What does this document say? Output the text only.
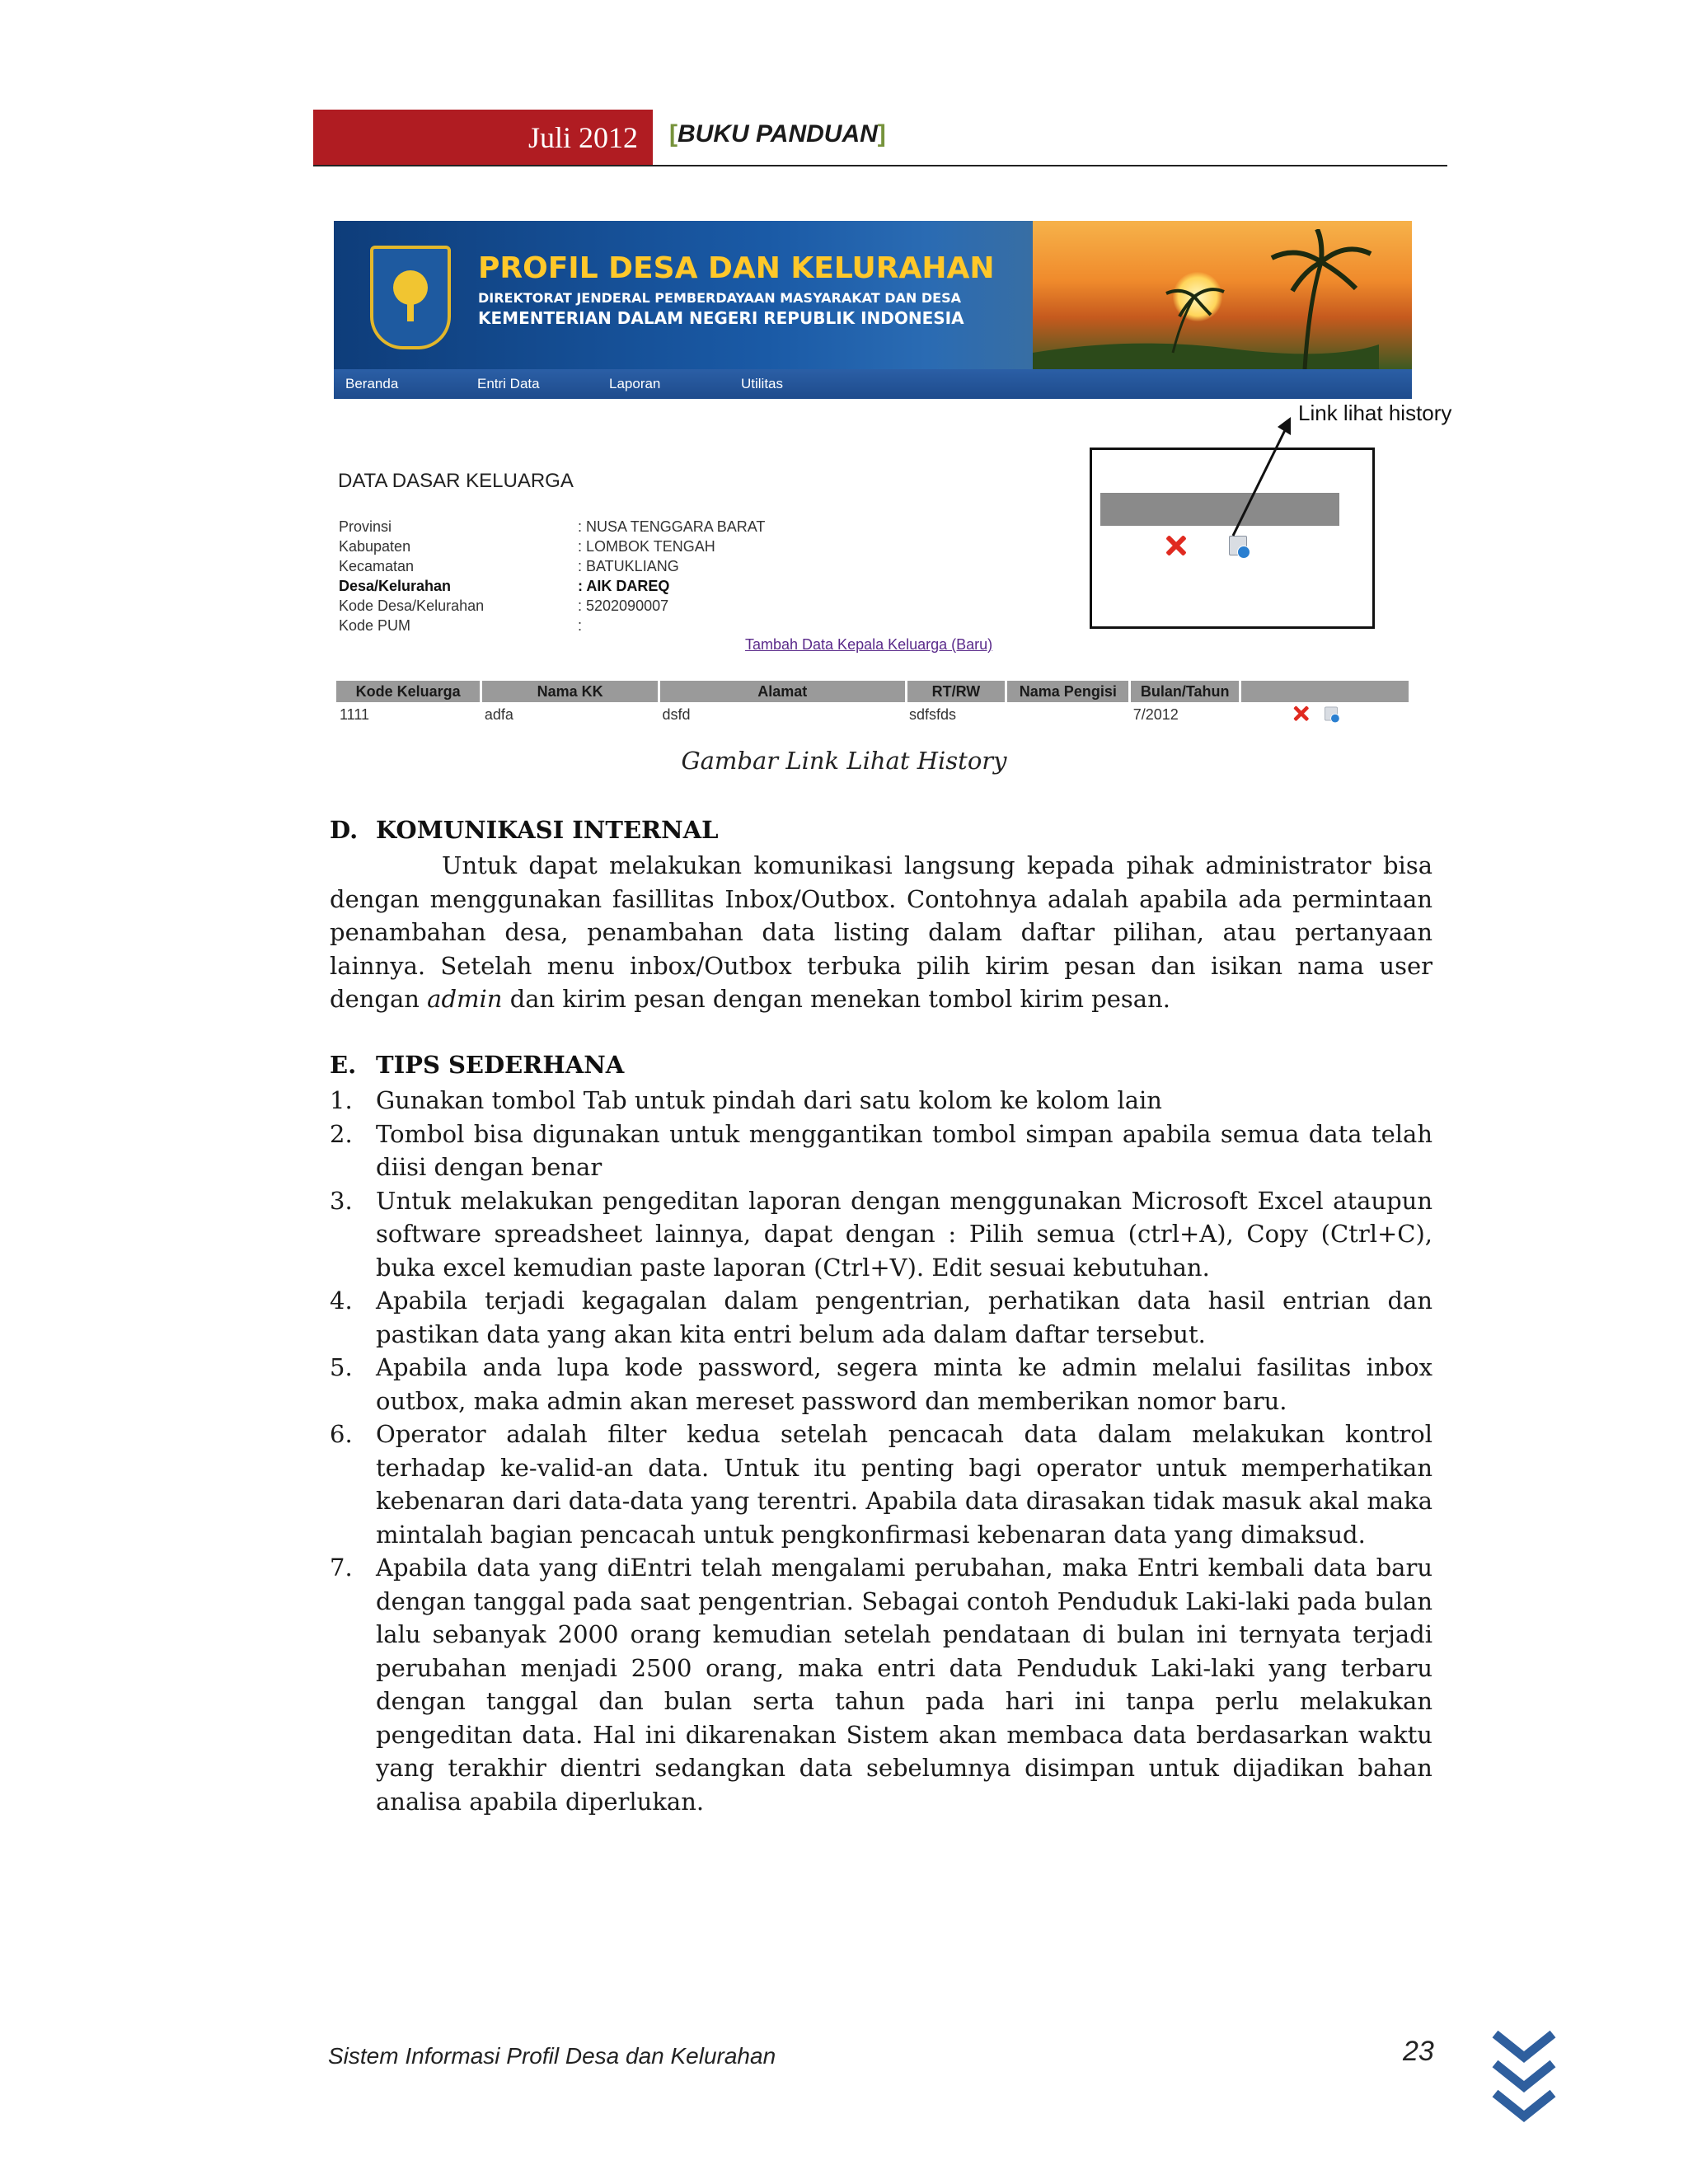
Juli 2012	[BUKU PANDUAN]
PROFIL DESA DAN KELURAHAN
DIREKTORAT JENDERAL PEMBERDAYAAN MASYARAKAT DAN DESA
KEMENTERIAN DALAM NEGERI REPUBLIK INDONESIA
Beranda	Entri Data	Laporan	Utilitas
Link lihat history
DATA DASAR KELUARGA
Provinsi	: NUSA TENGGARA BARAT
Kabupaten	: LOMBOK TENGAH
Kecamatan	: BATUKLIANG
Desa/Kelurahan	: AIK DAREQ
Kode Desa/Kelurahan	: 5202090007
Kode PUM	:
Tambah Data Kepala Keluarga (Baru)
Kode Keluarga	Nama KK	Alamat	RT/RW	Nama Pengisi	Bulan/Tahun	
1111	adfa	dsfd	sdfsfds		7/2012	
Gambar Link Lihat History
D. KOMUNIKASI INTERNAL
Untuk dapat melakukan komunikasi langsung kepada pihak administrator bisa dengan menggunakan fasillitas Inbox/Outbox. Contohnya adalah apabila ada permintaan penambahan desa, penambahan data listing dalam daftar pilihan, atau pertanyaan lainnya. Setelah menu inbox/Outbox terbuka pilih kirim pesan dan isikan nama user dengan admin dan kirim pesan dengan menekan tombol kirim pesan.
E. TIPS SEDERHANA
1. Gunakan tombol Tab untuk pindah dari satu kolom ke kolom lain
2. Tombol bisa digunakan untuk menggantikan tombol simpan apabila semua data telah diisi dengan benar
3. Untuk melakukan pengeditan laporan dengan menggunakan Microsoft Excel ataupun software spreadsheet lainnya, dapat dengan : Pilih semua (ctrl+A), Copy (Ctrl+C), buka excel kemudian paste laporan (Ctrl+V). Edit sesuai kebutuhan.
4. Apabila terjadi kegagalan dalam pengentrian, perhatikan data hasil entrian dan pastikan data yang akan kita entri belum ada dalam daftar tersebut.
5. Apabila anda lupa kode password, segera minta ke admin melalui fasilitas inbox outbox, maka admin akan mereset password dan memberikan nomor baru.
6. Operator adalah filter kedua setelah pencacah data dalam melakukan kontrol terhadap ke-valid-an data. Untuk itu penting bagi operator untuk memperhatikan kebenaran dari data-data yang terentri. Apabila data dirasakan tidak masuk akal maka mintalah bagian pencacah untuk pengkonfirmasi kebenaran data yang dimaksud.
7. Apabila data yang diEntri telah mengalami perubahan, maka Entri kembali data baru dengan tanggal pada saat pengentrian. Sebagai contoh Penduduk Laki-laki pada bulan lalu sebanyak 2000 orang kemudian setelah pendataan di bulan ini ternyata terjadi perubahan menjadi 2500 orang, maka entri data Penduduk Laki-laki yang terbaru dengan tanggal dan bulan serta tahun pada hari ini tanpa perlu melakukan pengeditan data. Hal ini dikarenakan Sistem akan membaca data berdasarkan waktu yang terakhir dientri sedangkan data sebelumnya disimpan untuk dijadikan bahan analisa apabila diperlukan.
Sistem Informasi Profil Desa dan Kelurahan	23
